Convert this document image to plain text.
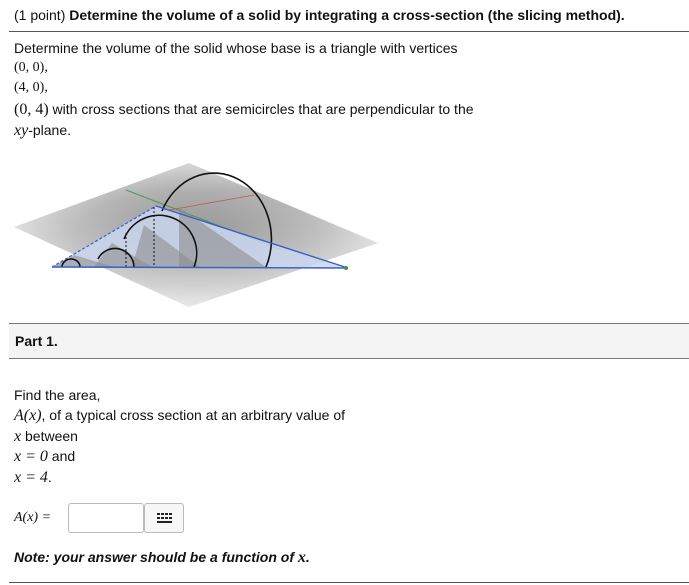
(1 point) Determine the volume of a solid by integrating a cross-section (the slicing method).
Determine the volume of the solid whose base is a triangle with vertices
(0, 0),
(4, 0),
(0, 4) with cross sections that are semicircles that are perpendicular to the
xy-plane.
Part 1.
Find the area,
A(x), of a typical cross section at an arbitrary value of
x between
x = 0 and
x = 4.
A(x) =
Note: your answer should be a function of x.
